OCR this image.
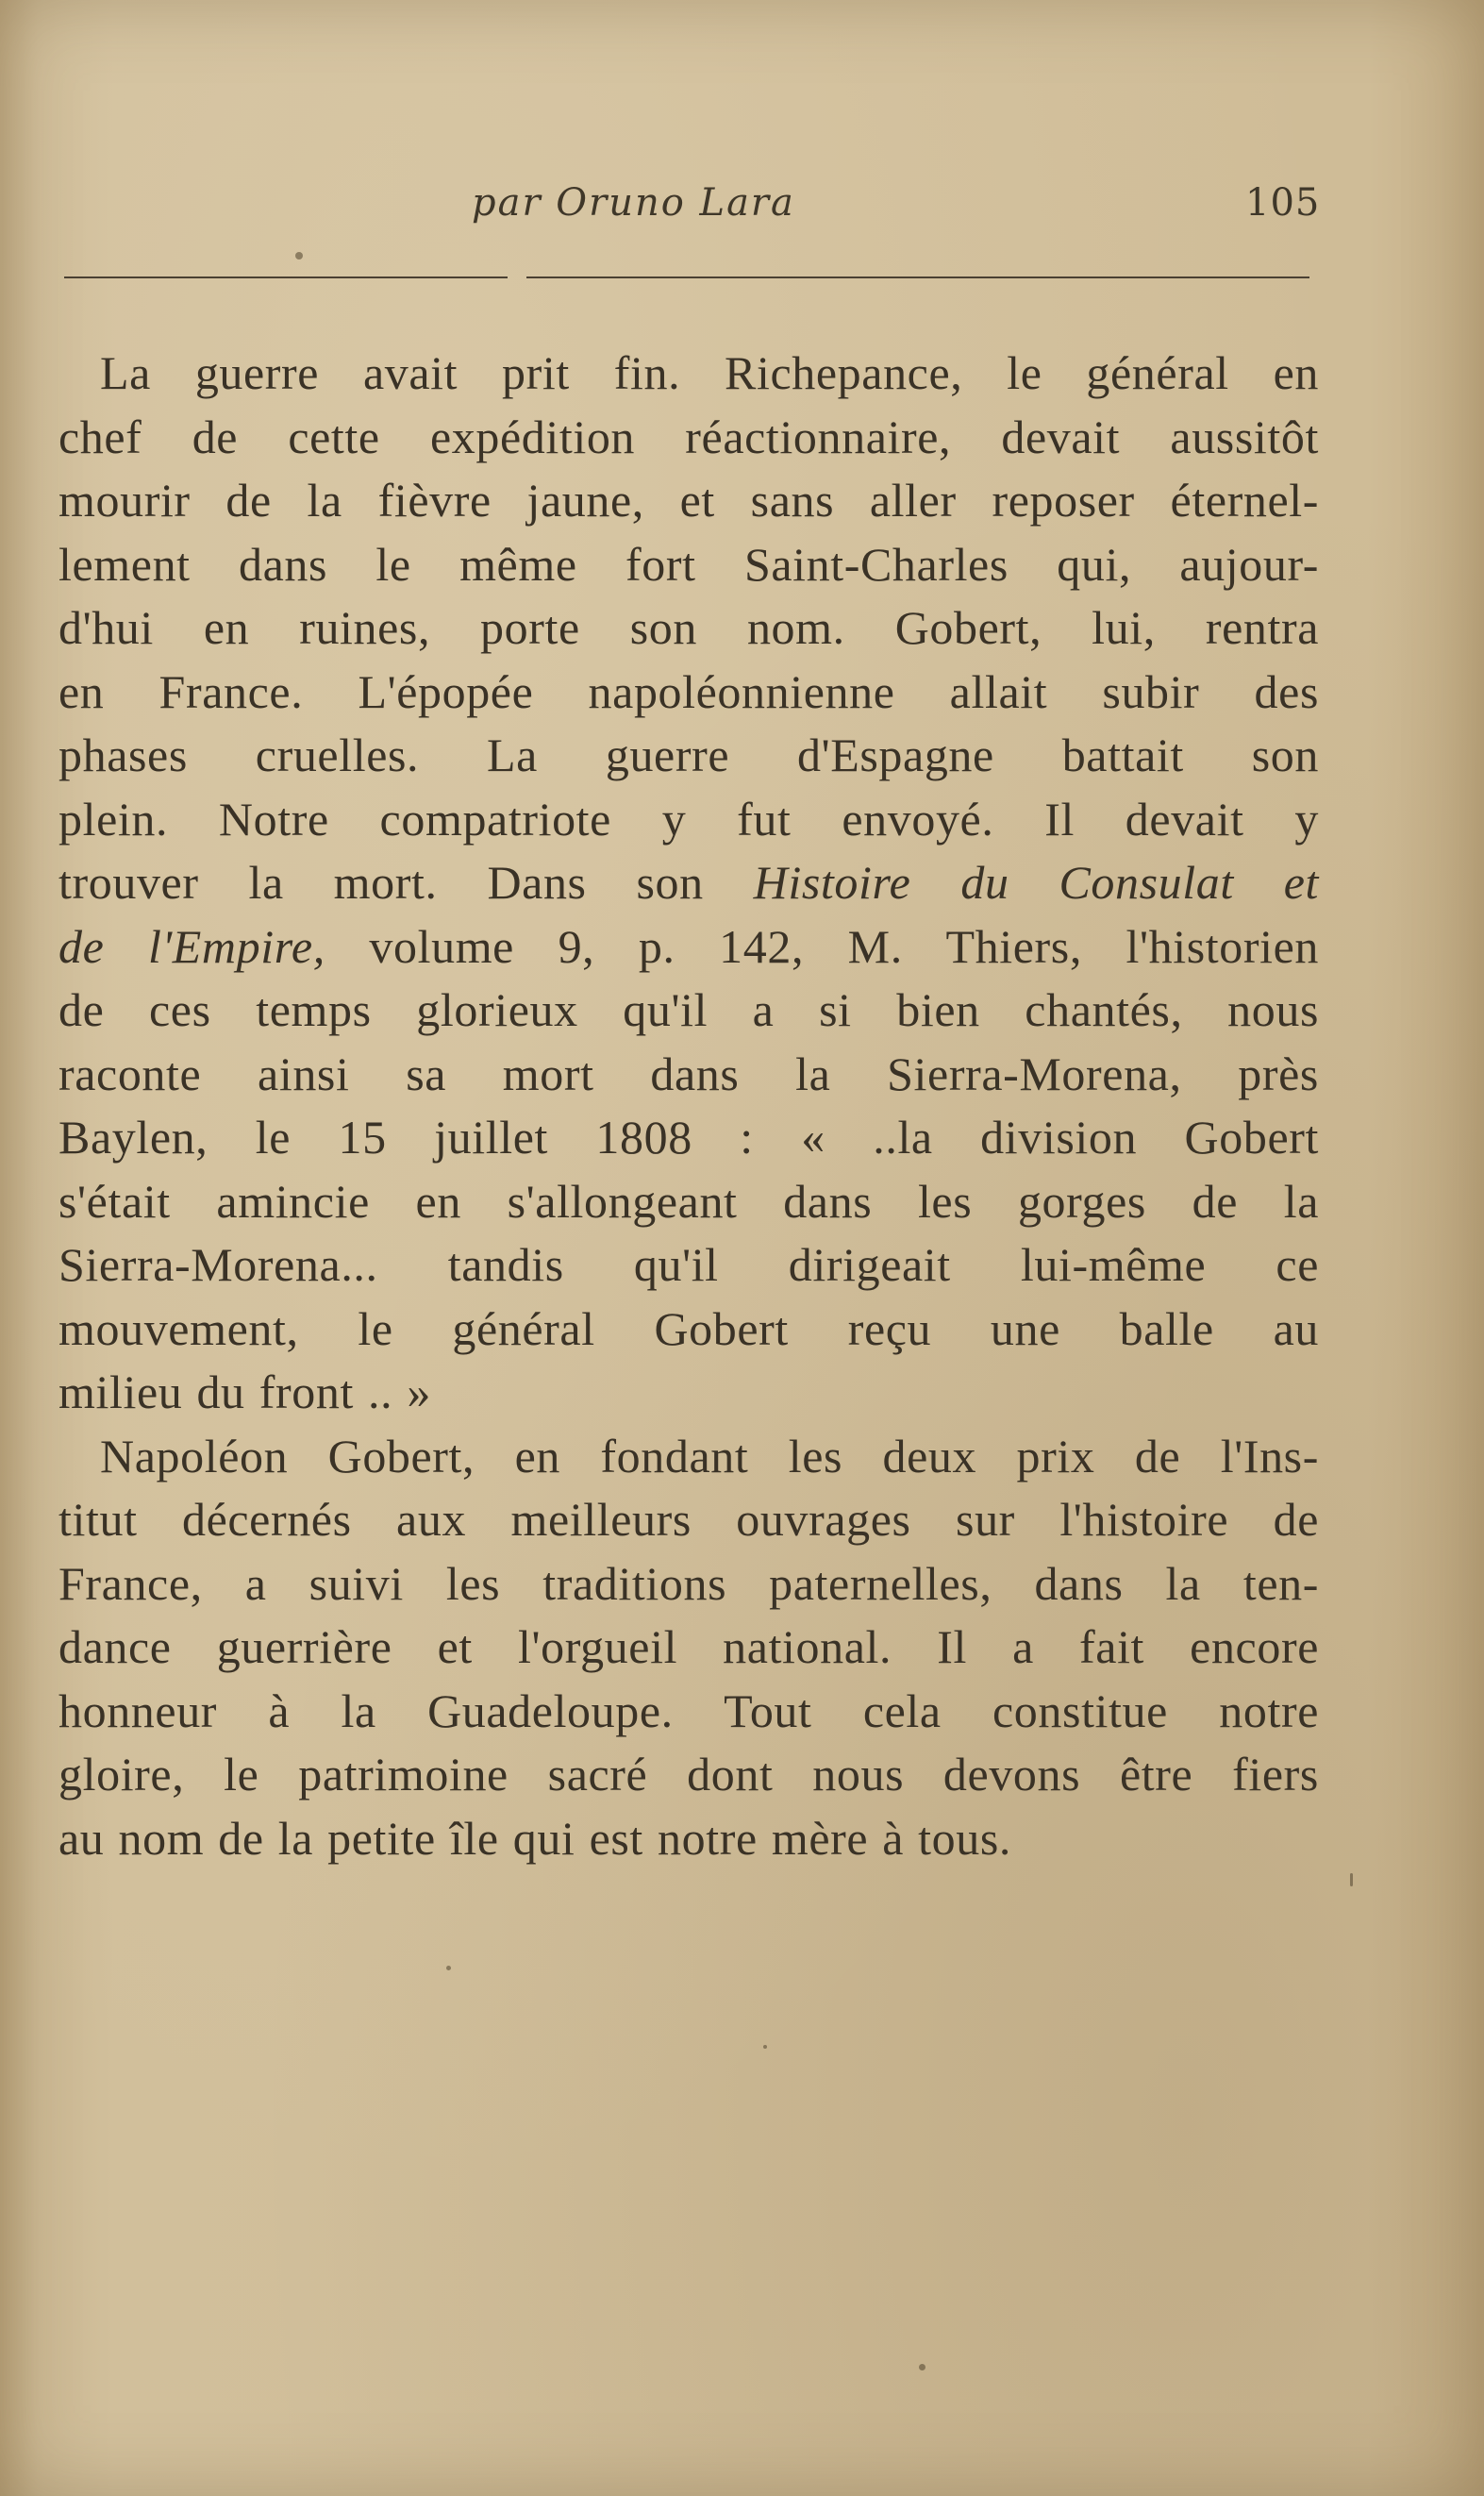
par Oruno Lara	105
La guerre avait prit fin. Richepance, le général en
chef de cette expédition réactionnaire, devait aussitôt
mourir de la fièvre jaune, et sans aller reposer éternel-
lement dans le même fort Saint-Charles qui, aujour-
d'hui en ruines, porte son nom. Gobert, lui, rentra
en France. L'épopée napoléonnienne allait subir des
phases cruelles. La guerre d'Espagne battait son
plein. Notre compatriote y fut envoyé. Il devait y
trouver la mort. Dans son Histoire du Consulat et
de l'Empire, volume 9, p. 142, M. Thiers, l'historien
de ces temps glorieux qu'il a si bien chantés, nous
raconte ainsi sa mort dans la Sierra-Morena, près
Baylen, le 15 juillet 1808 : « ..la division Gobert
s'était amincie en s'allongeant dans les gorges de la
Sierra-Morena... tandis qu'il dirigeait lui-même ce
mouvement, le général Gobert reçu une balle au
milieu du front .. »
Napoléon Gobert, en fondant les deux prix de l'Ins-
titut décernés aux meilleurs ouvrages sur l'histoire de
France, a suivi les traditions paternelles, dans la ten-
dance guerrière et l'orgueil national. Il a fait encore
honneur à la Guadeloupe. Tout cela constitue notre
gloire, le patrimoine sacré dont nous devons être fiers
au nom de la petite île qui est notre mère à tous.
